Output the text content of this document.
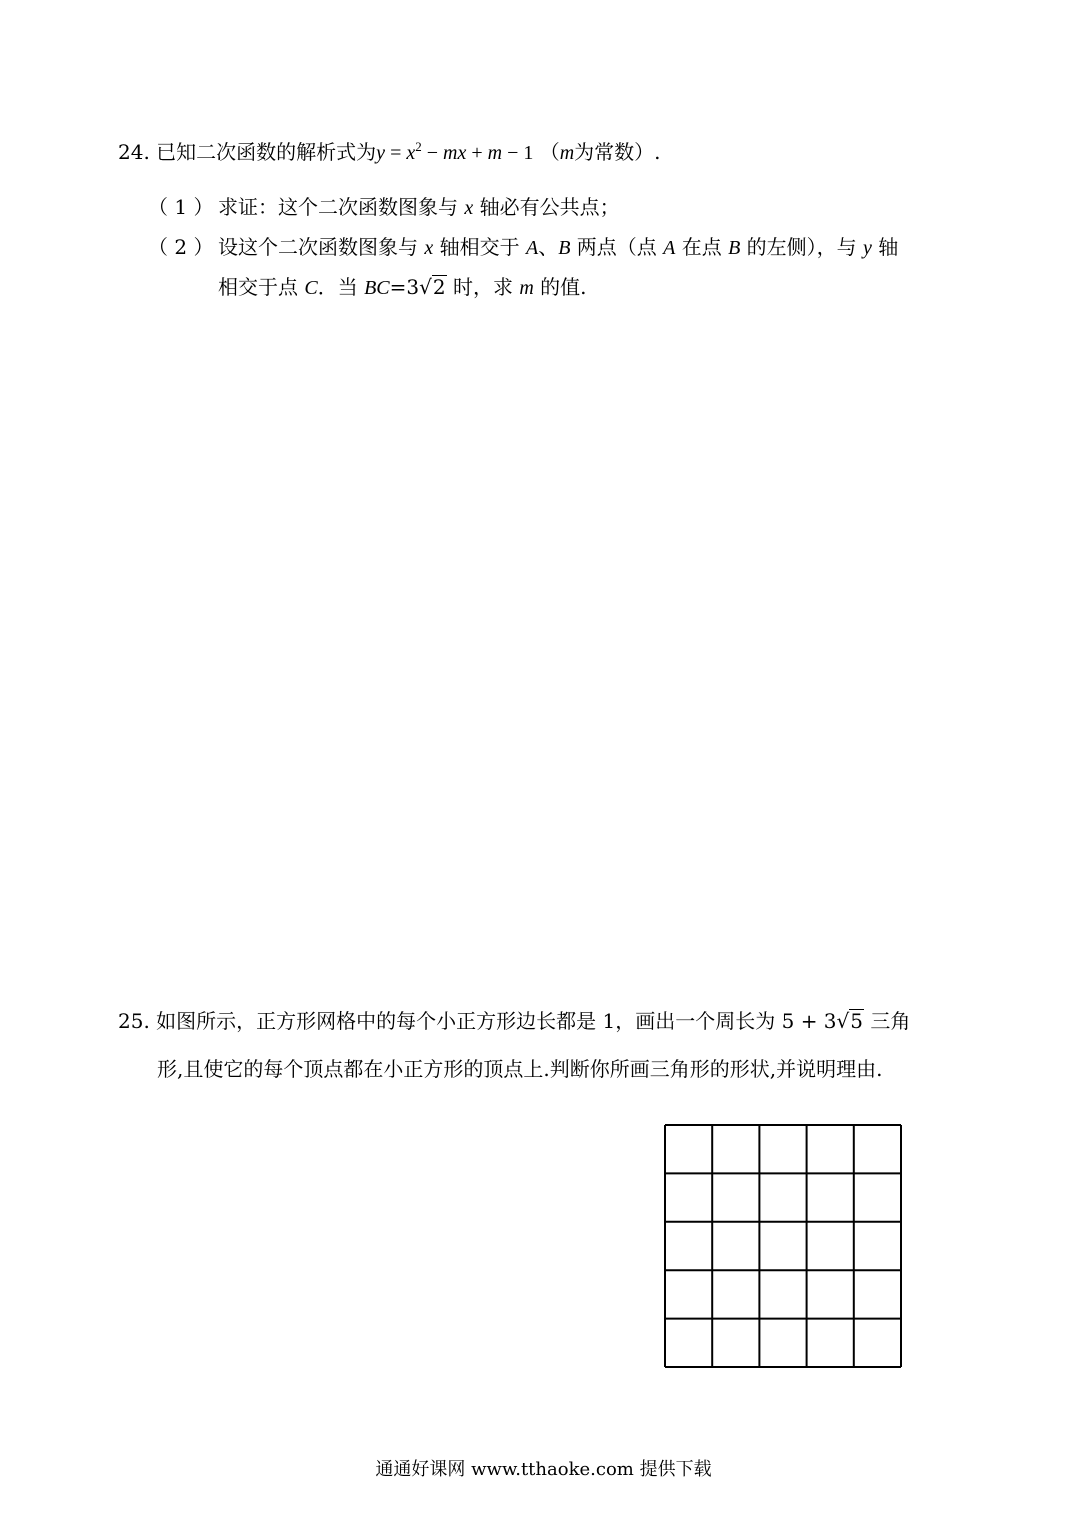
24. 已知二次函数的解析式为$y = x^2$ − mx + m − 1 （m为常数）.
（ 1 ） 求证：这个二次函数图象与 x 轴必有公共点；
（ 2 ） 设这个二次函数图象与 x 轴相交于 A、B 两点（点 A 在点 B 的左侧），与 y 轴
相交于点 C．当 BC=3√2 时，求 m 的值.
25. 如图所示，正方形网格中的每个小正方形边长都是 1，画出一个周长为 5 + 3√5 三角
形,且使它的每个顶点都在小正方形的顶点上.判断你所画三角形的形状,并说明理由.
通通好课网 www.tthaoke.com 提供下载
